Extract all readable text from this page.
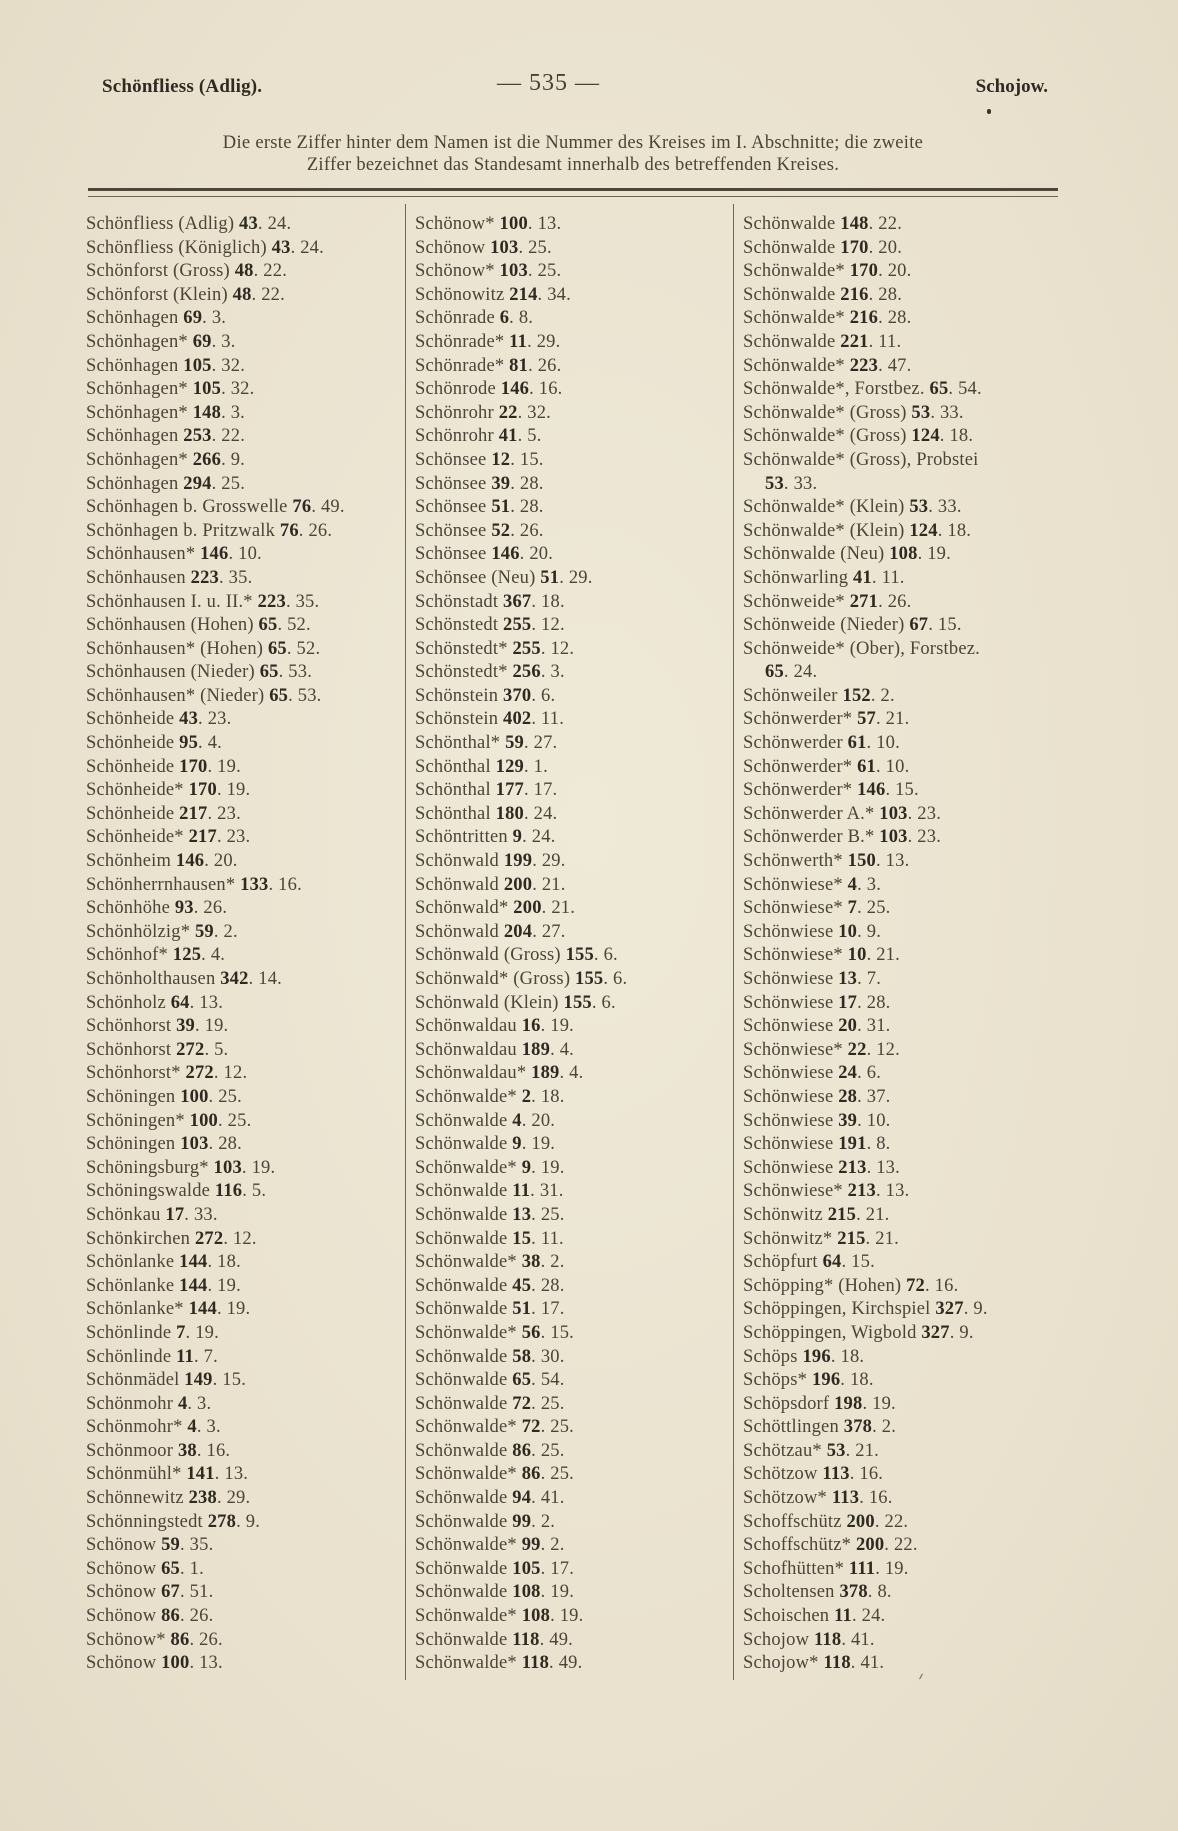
Schönfliess (Adlig).	— 535 —	Schojow.
Die erste Ziffer hinter dem Namen ist die Nummer des Kreises im I. Abschnitte; die zweite
Ziffer bezeichnet das Standesamt innerhalb des betreffenden Kreises.
Schönfliess (Adlig) 43. 24.
Schönfliess (Königlich) 43. 24.
Schönforst (Gross) 48. 22.
Schönforst (Klein) 48. 22.
Schönhagen 69. 3.
Schönhagen* 69. 3.
Schönhagen 105. 32.
Schönhagen* 105. 32.
Schönhagen* 148. 3.
Schönhagen 253. 22.
Schönhagen* 266. 9.
Schönhagen 294. 25.
Schönhagen b. Grosswelle 76. 49.
Schönhagen b. Pritzwalk 76. 26.
Schönhausen* 146. 10.
Schönhausen 223. 35.
Schönhausen I. u. II.* 223. 35.
Schönhausen (Hohen) 65. 52.
Schönhausen* (Hohen) 65. 52.
Schönhausen (Nieder) 65. 53.
Schönhausen* (Nieder) 65. 53.
Schönheide 43. 23.
Schönheide 95. 4.
Schönheide 170. 19.
Schönheide* 170. 19.
Schönheide 217. 23.
Schönheide* 217. 23.
Schönheim 146. 20.
Schönherrnhausen* 133. 16.
Schönhöhe 93. 26.
Schönhölzig* 59. 2.
Schönhof* 125. 4.
Schönholthausen 342. 14.
Schönholz 64. 13.
Schönhorst 39. 19.
Schönhorst 272. 5.
Schönhorst* 272. 12.
Schöningen 100. 25.
Schöningen* 100. 25.
Schöningen 103. 28.
Schöningsburg* 103. 19.
Schöningswalde 116. 5.
Schönkau 17. 33.
Schönkirchen 272. 12.
Schönlanke 144. 18.
Schönlanke 144. 19.
Schönlanke* 144. 19.
Schönlinde 7. 19.
Schönlinde 11. 7.
Schönmädel 149. 15.
Schönmohr 4. 3.
Schönmohr* 4. 3.
Schönmoor 38. 16.
Schönmühl* 141. 13.
Schönnewitz 238. 29.
Schönningstedt 278. 9.
Schönow 59. 35.
Schönow 65. 1.
Schönow 67. 51.
Schönow 86. 26.
Schönow* 86. 26.
Schönow 100. 13.
Schönow* 100. 13.
Schönow 103. 25.
Schönow* 103. 25.
Schönowitz 214. 34.
Schönrade 6. 8.
Schönrade* 11. 29.
Schönrade* 81. 26.
Schönrode 146. 16.
Schönrohr 22. 32.
Schönrohr 41. 5.
Schönsee 12. 15.
Schönsee 39. 28.
Schönsee 51. 28.
Schönsee 52. 26.
Schönsee 146. 20.
Schönsee (Neu) 51. 29.
Schönstadt 367. 18.
Schönstedt 255. 12.
Schönstedt* 255. 12.
Schönstedt* 256. 3.
Schönstein 370. 6.
Schönstein 402. 11.
Schönthal* 59. 27.
Schönthal 129. 1.
Schönthal 177. 17.
Schönthal 180. 24.
Schöntritten 9. 24.
Schönwald 199. 29.
Schönwald 200. 21.
Schönwald* 200. 21.
Schönwald 204. 27.
Schönwald (Gross) 155. 6.
Schönwald* (Gross) 155. 6.
Schönwald (Klein) 155. 6.
Schönwaldau 16. 19.
Schönwaldau 189. 4.
Schönwaldau* 189. 4.
Schönwalde* 2. 18.
Schönwalde 4. 20.
Schönwalde 9. 19.
Schönwalde* 9. 19.
Schönwalde 11. 31.
Schönwalde 13. 25.
Schönwalde 15. 11.
Schönwalde* 38. 2.
Schönwalde 45. 28.
Schönwalde 51. 17.
Schönwalde* 56. 15.
Schönwalde 58. 30.
Schönwalde 65. 54.
Schönwalde 72. 25.
Schönwalde* 72. 25.
Schönwalde 86. 25.
Schönwalde* 86. 25.
Schönwalde 94. 41.
Schönwalde 99. 2.
Schönwalde* 99. 2.
Schönwalde 105. 17.
Schönwalde 108. 19.
Schönwalde* 108. 19.
Schönwalde 118. 49.
Schönwalde* 118. 49.
Schönwalde 148. 22.
Schönwalde 170. 20.
Schönwalde* 170. 20.
Schönwalde 216. 28.
Schönwalde* 216. 28.
Schönwalde 221. 11.
Schönwalde* 223. 47.
Schönwalde*, Forstbez. 65. 54.
Schönwalde* (Gross) 53. 33.
Schönwalde* (Gross) 124. 18.
Schönwalde* (Gross), Probstei
53. 33.
Schönwalde* (Klein) 53. 33.
Schönwalde* (Klein) 124. 18.
Schönwalde (Neu) 108. 19.
Schönwarling 41. 11.
Schönweide* 271. 26.
Schönweide (Nieder) 67. 15.
Schönweide* (Ober), Forstbez.
65. 24.
Schönweiler 152. 2.
Schönwerder* 57. 21.
Schönwerder 61. 10.
Schönwerder* 61. 10.
Schönwerder* 146. 15.
Schönwerder A.* 103. 23.
Schönwerder B.* 103. 23.
Schönwerth* 150. 13.
Schönwiese* 4. 3.
Schönwiese* 7. 25.
Schönwiese 10. 9.
Schönwiese* 10. 21.
Schönwiese 13. 7.
Schönwiese 17. 28.
Schönwiese 20. 31.
Schönwiese* 22. 12.
Schönwiese 24. 6.
Schönwiese 28. 37.
Schönwiese 39. 10.
Schönwiese 191. 8.
Schönwiese 213. 13.
Schönwiese* 213. 13.
Schönwitz 215. 21.
Schönwitz* 215. 21.
Schöpfurt 64. 15.
Schöpping* (Hohen) 72. 16.
Schöppingen, Kirchspiel 327. 9.
Schöppingen, Wigbold 327. 9.
Schöps 196. 18.
Schöps* 196. 18.
Schöpsdorf 198. 19.
Schöttlingen 378. 2.
Schötzau* 53. 21.
Schötzow 113. 16.
Schötzow* 113. 16.
Schoffschütz 200. 22.
Schoffschütz* 200. 22.
Schofhütten* 111. 19.
Scholtensen 378. 8.
Schoischen 11. 24.
Schojow 118. 41.
Schojow* 118. 41.
